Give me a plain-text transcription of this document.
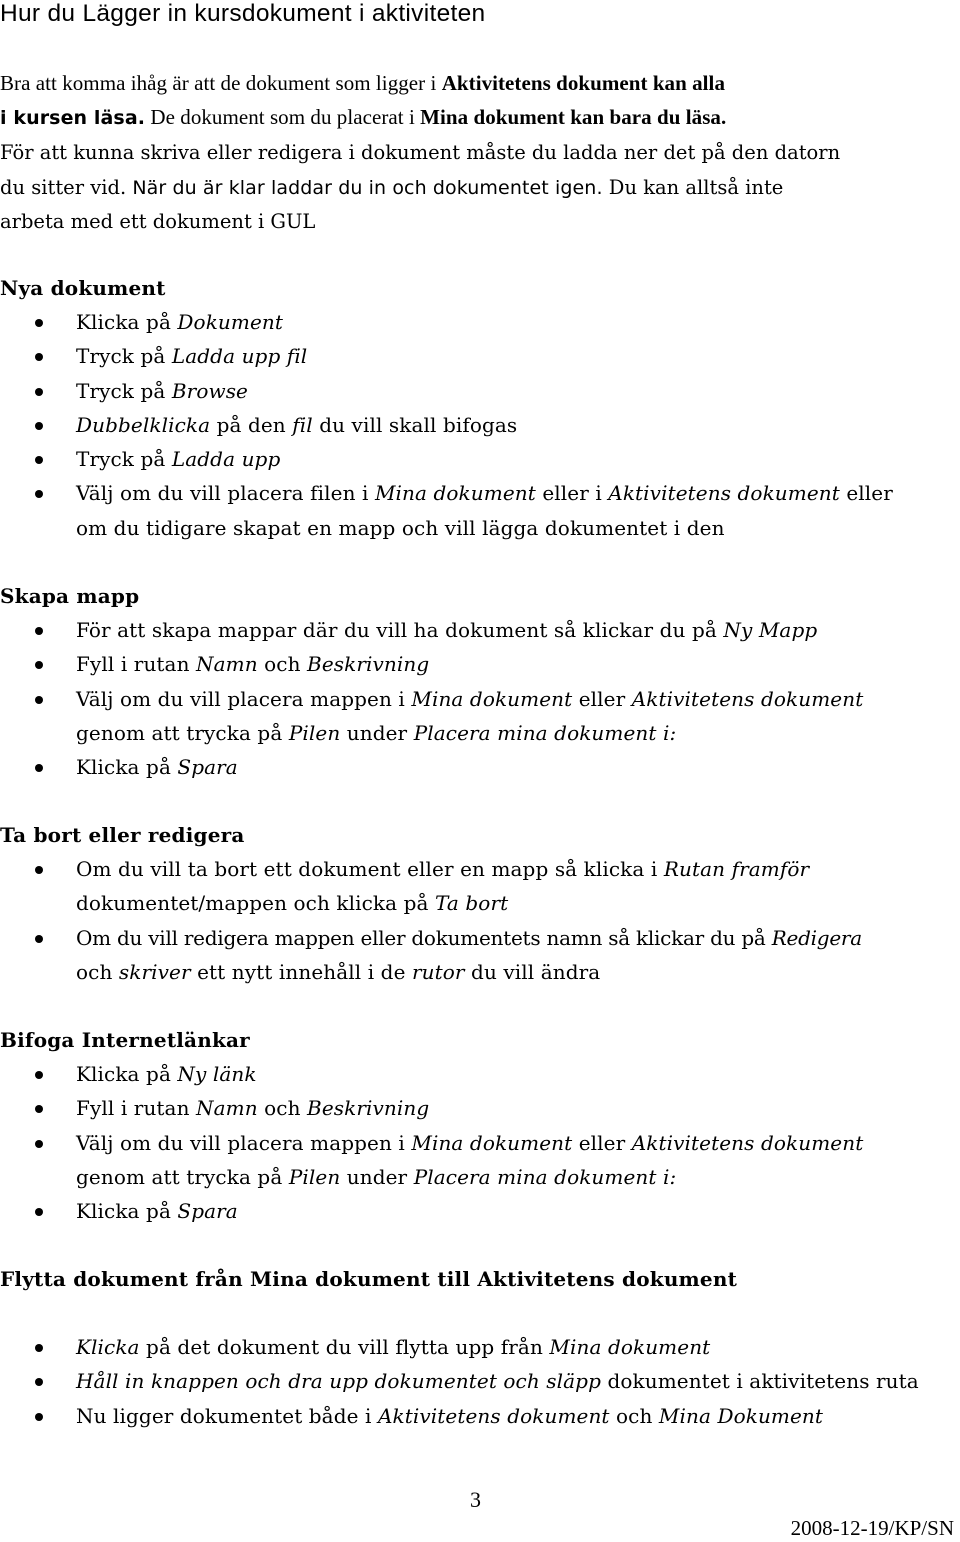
Hur du Lägger in kursdokument i aktiviteten
Bra att komma ihåg är att de dokument som ligger i Aktivitetens dokument kan alla
i kursen läsa. De dokument som du placerat i Mina dokument kan bara du läsa.
För att kunna skriva eller redigera i dokument måste du ladda ner det på den datorn
du sitter vid. När du är klar laddar du in och dokumentet igen. Du kan alltså inte
arbeta med ett dokument i GUL
Nya dokument
Klicka på Dokument
Tryck på Ladda upp fil
Tryck på Browse
Dubbelklicka på den fil du vill skall bifogas
Tryck på Ladda upp
Välj om du vill placera filen i Mina dokument eller i Aktivitetens dokument eller
om du tidigare skapat en mapp och vill lägga dokumentet i den
Skapa mapp
För att skapa mappar där du vill ha dokument så klickar du på Ny Mapp
Fyll i rutan Namn och Beskrivning
Välj om du vill placera mappen i Mina dokument eller Aktivitetens dokument
genom att trycka på Pilen under Placera mina dokument i:
Klicka på Spara
Ta bort eller redigera
Om du vill ta bort ett dokument eller en mapp så klicka i Rutan framför
dokumentet/mappen och klicka på Ta bort
Om du vill redigera mappen eller dokumentets namn så klickar du på Redigera
och skriver ett nytt innehåll i de rutor du vill ändra
Bifoga Internetlänkar
Klicka på Ny länk
Fyll i rutan Namn och Beskrivning
Välj om du vill placera mappen i Mina dokument eller Aktivitetens dokument
genom att trycka på Pilen under Placera mina dokument i:
Klicka på Spara
Flytta dokument från Mina dokument till Aktivitetens dokument
Klicka på det dokument du vill flytta upp från Mina dokument
Håll in knappen och dra upp dokumentet och släpp dokumentet i aktivitetens ruta
Nu ligger dokumentet både i Aktivitetens dokument och Mina Dokument
3
2008-12-19/KP/SN
